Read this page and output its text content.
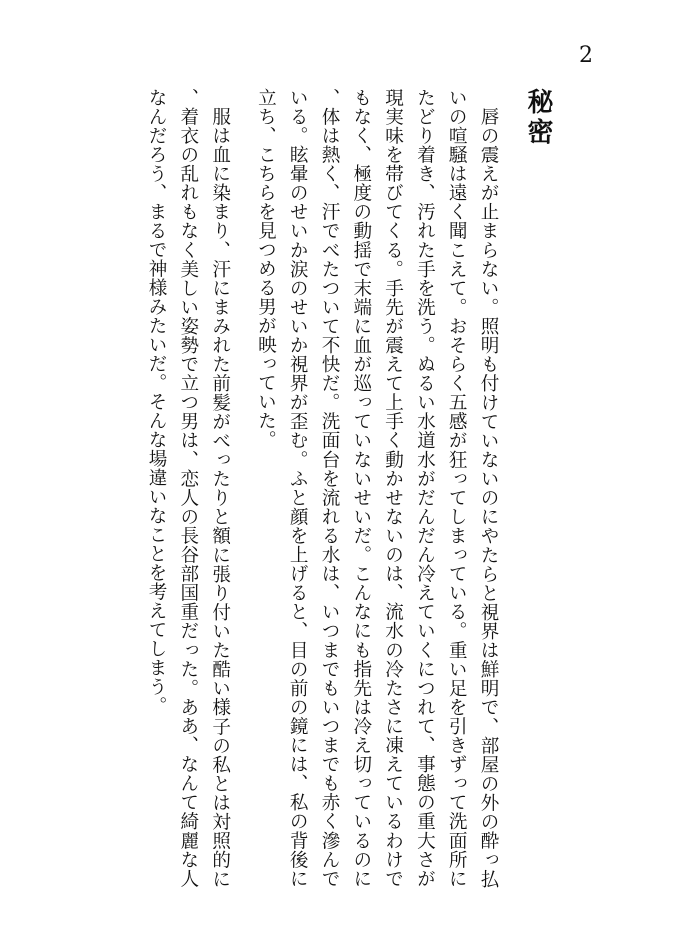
2
秘密

唇の震えが止まらない。照明も付けていないのにやたらと視界は鮮明で、部屋の外の酔っ払いの喧騒は遠く聞こえて。おそらく五感が狂ってしまっている。重い足を引きずって洗面所にたどり着き、汚れた手を洗う。ぬるい水道水がだんだん冷えていくにつれて、事態の重大さが現実味を帯びてくる。手先が震えて上手く動かせないのは、流水の冷たさに凍えているわけでもなく、極度の動揺で末端に血が巡っていないせいだ。こんなにも指先は冷え切っているのに、体は熱く、汗でべたついて不快だ。洗面台を流れる水は、いつまでもいつまでも赤く滲んでいる。眩暈のせいか涙のせいか視界が歪む。ふと顔を上げると、目の前の鏡には、私の背後に立ち、こちらを見つめる男が映っていた。

服は血に染まり、汗にまみれた前髪がべったりと額に張り付いた酷い様子の私とは対照的に、着衣の乱れもなく美しい姿勢で立つ男は、恋人の長谷部国重だった。ああ、なんて綺麗な人なんだろう、まるで神様みたいだ。そんな場違いなことを考えてしまう。
